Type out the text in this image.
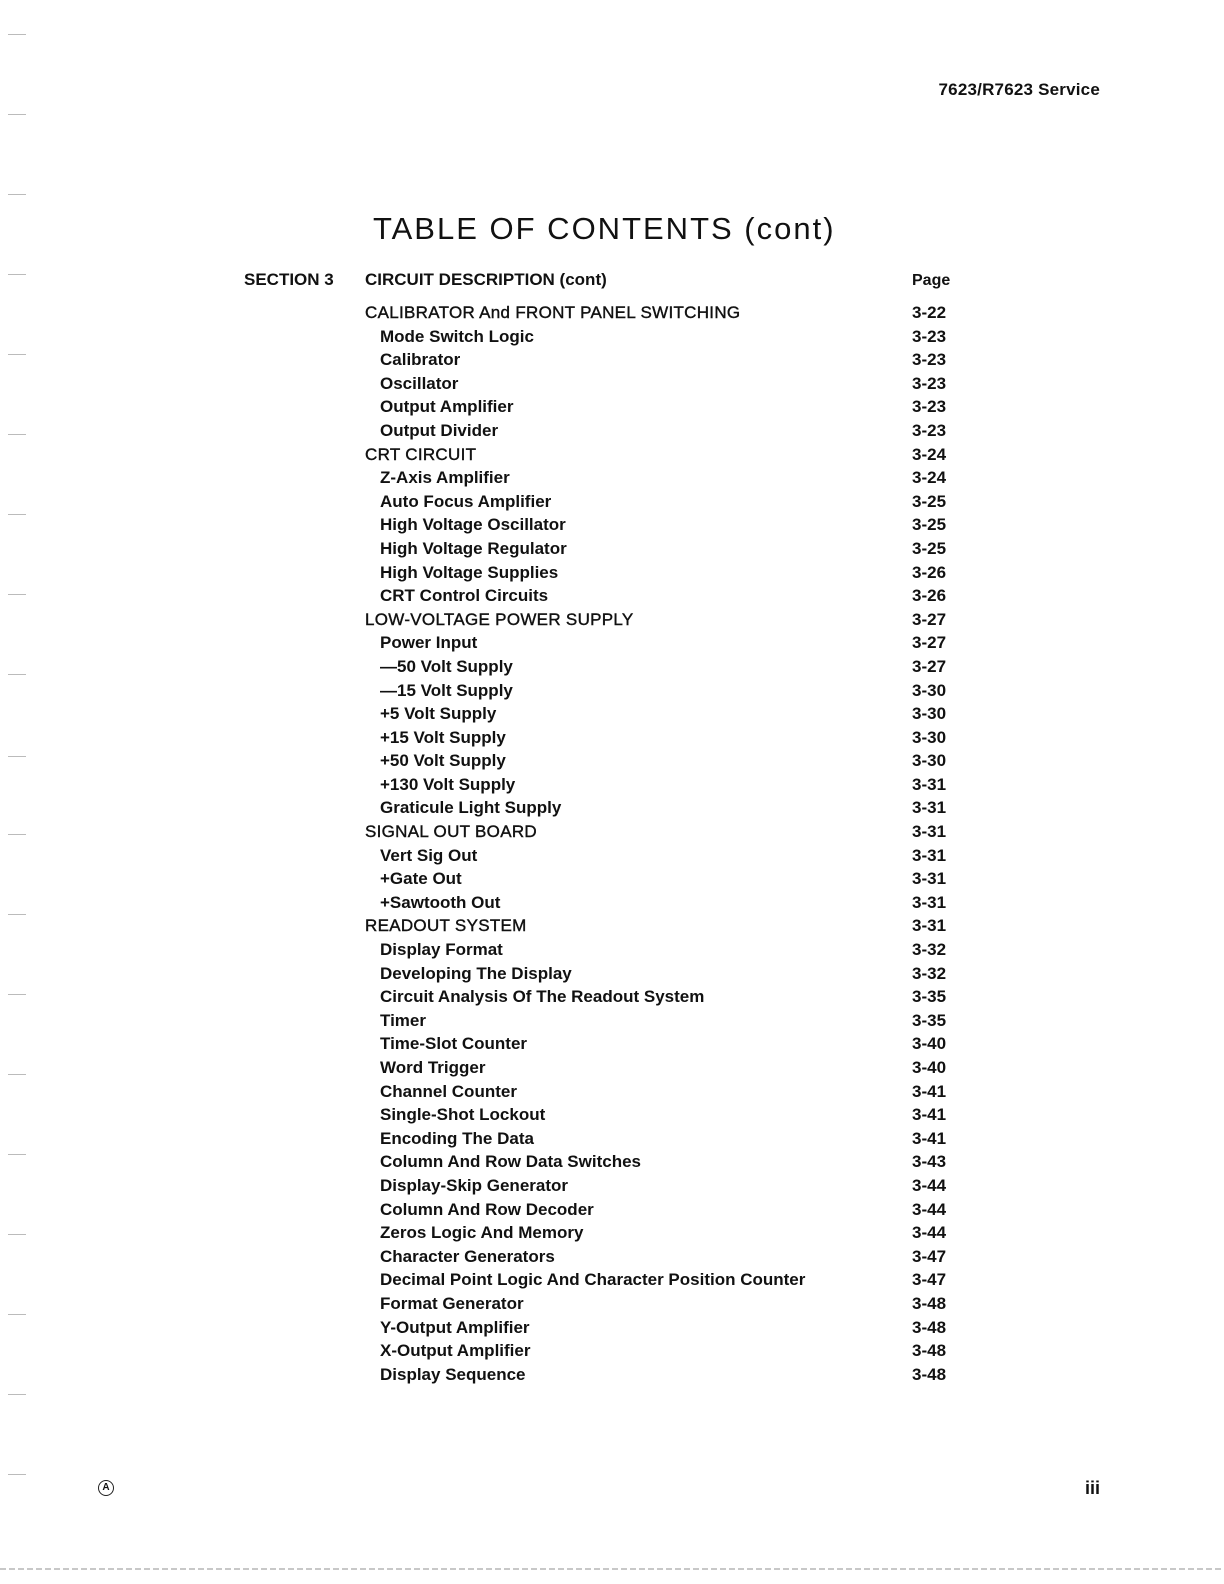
7623/R7623 Service
TABLE OF CONTENTS (cont)
SECTION 3 CIRCUIT DESCRIPTION (cont)	Page
CALIBRATOR And FRONT PANEL SWITCHING	3-22
Mode Switch Logic	3-23
Calibrator	3-23
Oscillator	3-23
Output Amplifier	3-23
Output Divider	3-23
CRT CIRCUIT	3-24
Z-Axis Amplifier	3-24
Auto Focus Amplifier	3-25
High Voltage Oscillator	3-25
High Voltage Regulator	3-25
High Voltage Supplies	3-26
CRT Control Circuits	3-26
LOW-VOLTAGE POWER SUPPLY	3-27
Power Input	3-27
—50 Volt Supply	3-27
—15 Volt Supply	3-30
+5 Volt Supply	3-30
+15 Volt Supply	3-30
+50 Volt Supply	3-30
+130 Volt Supply	3-31
Graticule Light Supply	3-31
SIGNAL OUT BOARD	3-31
Vert Sig Out	3-31
+Gate Out	3-31
+Sawtooth Out	3-31
READOUT SYSTEM	3-31
Display Format	3-32
Developing The Display	3-32
Circuit Analysis Of The Readout System	3-35
Timer	3-35
Time-Slot Counter	3-40
Word Trigger	3-40
Channel Counter	3-41
Single-Shot Lockout	3-41
Encoding The Data	3-41
Column And Row Data Switches	3-43
Display-Skip Generator	3-44
Column And Row Decoder	3-44
Zeros Logic And Memory	3-44
Character Generators	3-47
Decimal Point Logic And Character Position Counter	3-47
Format Generator	3-48
Y-Output Amplifier	3-48
X-Output Amplifier	3-48
Display Sequence	3-48
A	iii
